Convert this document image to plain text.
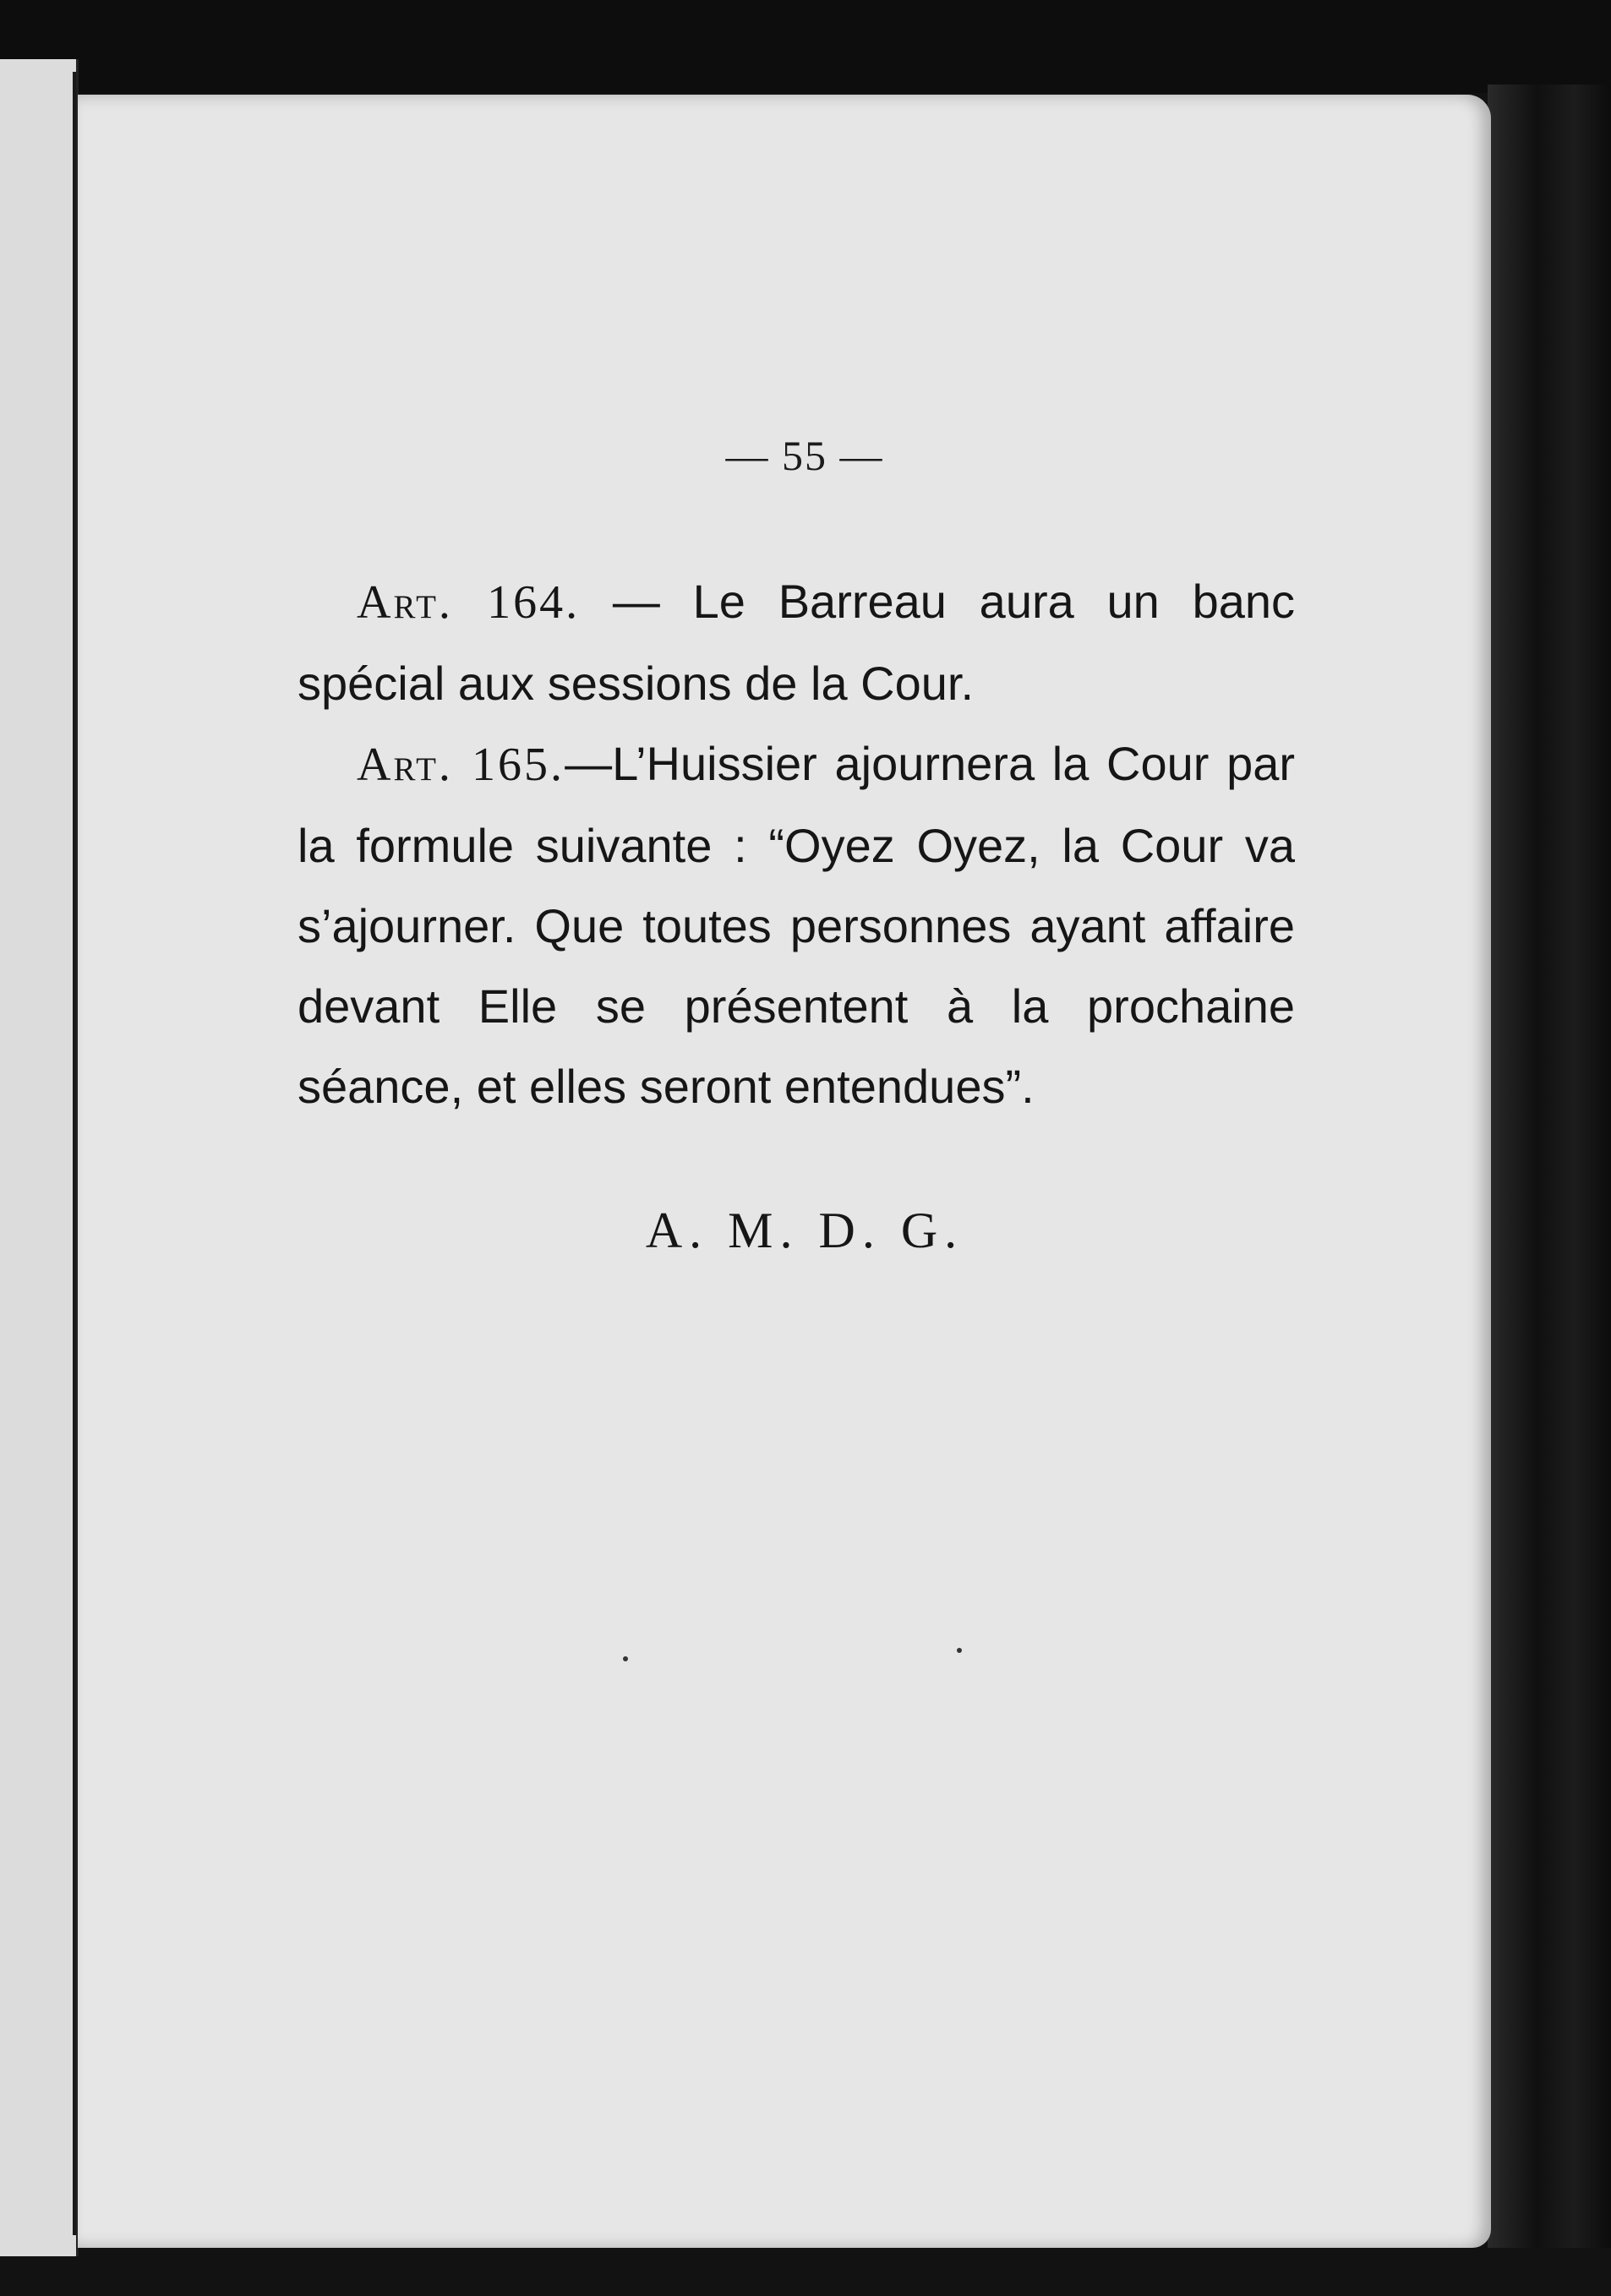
— 55 —

Art. 164. — Le Barreau aura un banc spécial aux sessions de la Cour.

Art. 165.—L’Huissier ajournera la Cour par la formule suivante : “Oyez Oyez, la Cour va s’ajourner. Que toutes personnes ayant affaire devant Elle se présentent à la prochaine séance, et elles seront entendues”.

A. M. D. G.
